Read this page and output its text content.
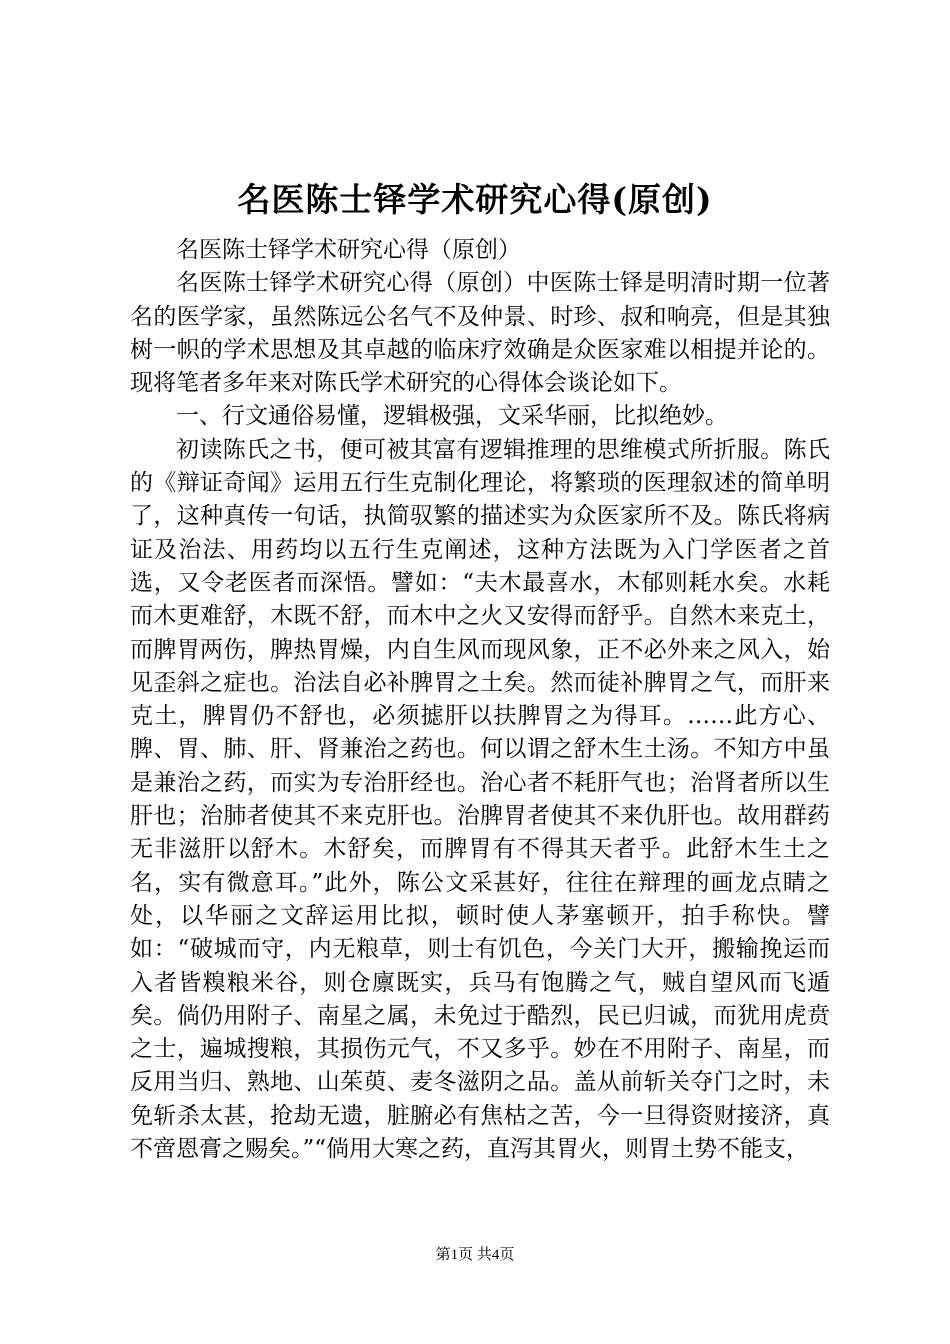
名医陈士铎学术研究心得(原创)

名医陈士铎学术研究心得（原创）

名医陈士铎学术研究心得（原创）中医陈士铎是明清时期一位著名的医学家，虽然陈远公名气不及仲景、时珍、叔和响亮，但是其独树一帜的学术思想及其卓越的临床疗效确是众医家难以相提并论的。现将笔者多年来对陈氏学术研究的心得体会谈论如下。

一、行文通俗易懂，逻辑极强，文采华丽，比拟绝妙。

初读陈氏之书，便可被其富有逻辑推理的思维模式所折服。陈氏的《辩证奇闻》运用五行生克制化理论，将繁琐的医理叙述的简单明了，这种真传一句话，执简驭繁的描述实为众医家所不及。陈氏将病证及治法、用药均以五行生克阐述，这种方法既为入门学医者之首选，又令老医者而深悟。譬如：“夫木最喜水，木郁则耗水矣。水耗而木更难舒，木既不舒，而木中之火又安得而舒乎。自然木来克土，而脾胃两伤，脾热胃燥，内自生风而现风象，正不必外来之风入，始见歪斜之症也。治法自必补脾胃之土矣。然而徒补脾胃之气，而肝来克土，脾胃仍不舒也，必须摅肝以扶脾胃之为得耳。……此方心、脾、胃、肺、肝、肾兼治之药也。何以谓之舒木生土汤。不知方中虽是兼治之药，而实为专治肝经也。治心者不耗肝气也；治肾者所以生肝也；治肺者使其不来克肝也。治脾胃者使其不来仇肝也。故用群药无非滋肝以舒木。木舒矣，而脾胃有不得其天者乎。此舒木生土之名，实有微意耳。”此外，陈公文采甚好，往往在辩理的画龙点睛之处，以华丽之文辞运用比拟，顿时使人茅塞顿开，拍手称快。譬如：“破城而守，内无粮草，则士有饥色，今关门大开，搬输挽运而入者皆糗粮米谷，则仓廪既实，兵马有饱腾之气，贼自望风而飞遁矣。倘仍用附子、南星之属，未免过于酷烈，民已归诚，而犹用虎贲之士，遍城搜粮，其损伤元气，不又多乎。妙在不用附子、南星，而反用当归、熟地、山茱萸、麦冬滋阴之品。盖从前斩关夺门之时，未免斩杀太甚，抢劫无遗，脏腑必有焦枯之苦，今一旦得资财接济，真不啻恩膏之赐矣。”“倘用大寒之药，直泻其胃火，则胃土势不能支，

第1页 共4页
